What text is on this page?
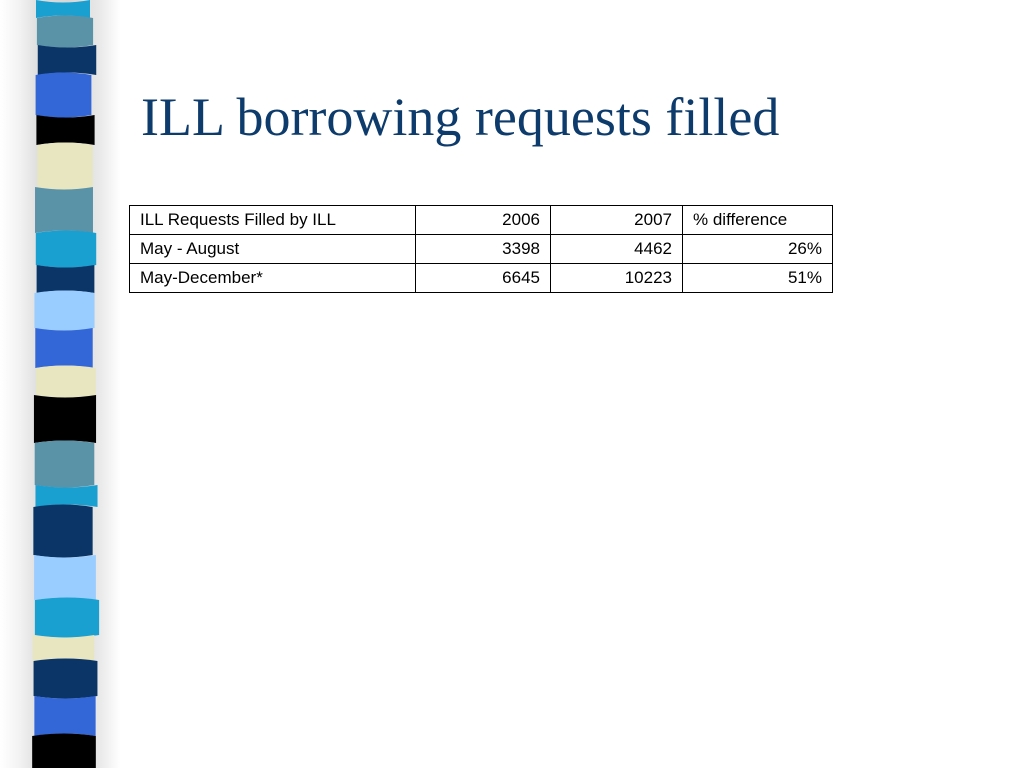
ILL borrowing requests filled
ILL Requests Filled by ILL	2006	2007	% difference
May - August	3398	4462	26%
May-December*	6645	10223	51%
